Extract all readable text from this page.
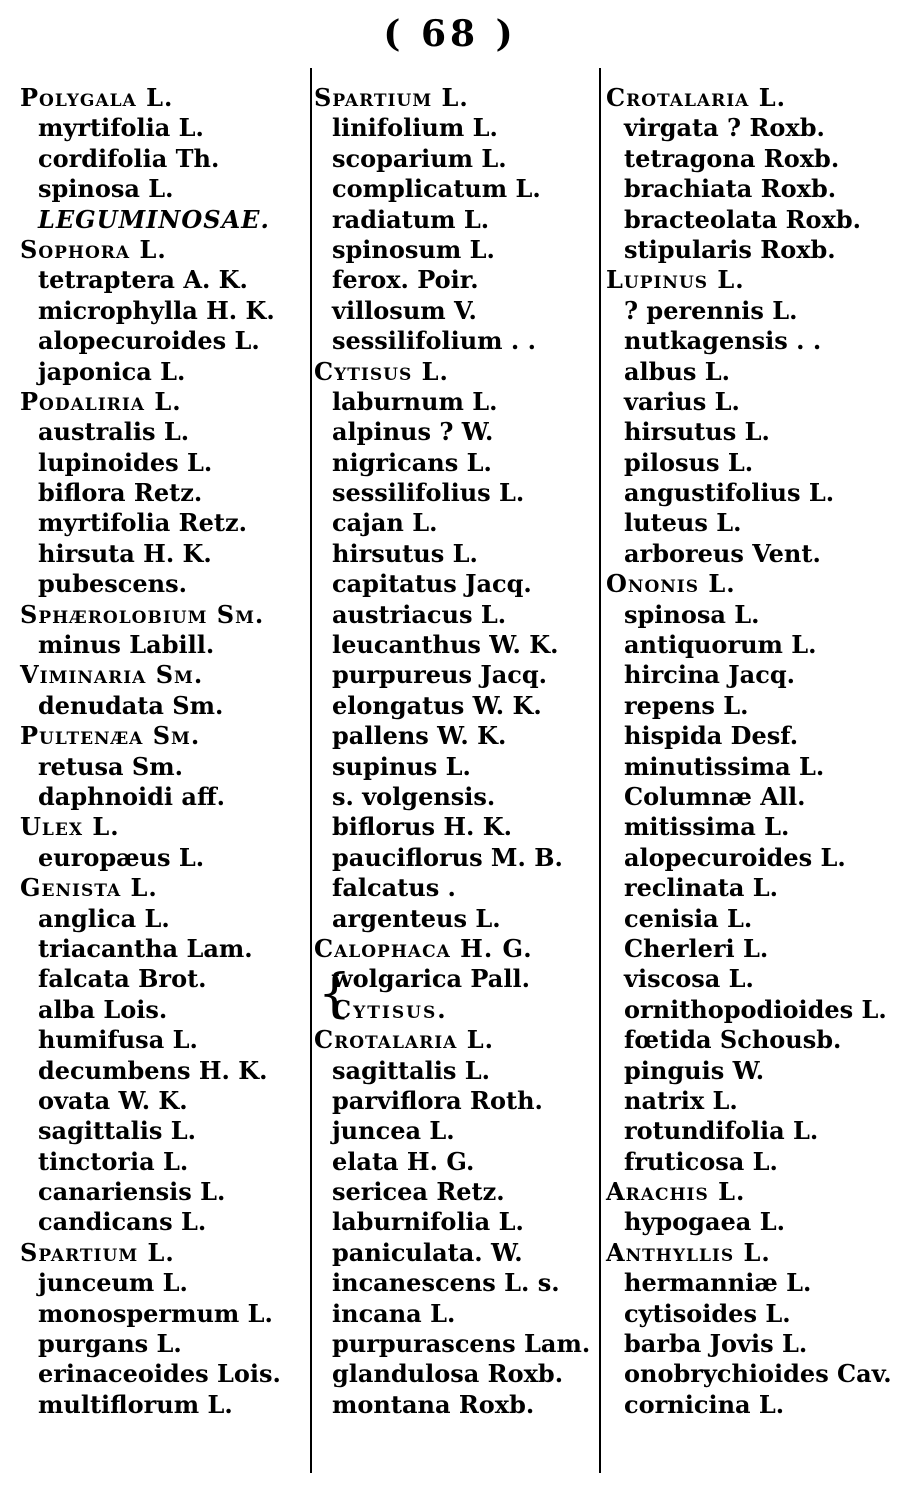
( 68 )
Polygala L.
myrtifolia L.
cordifolia Th.
spinosa L.
LEGUMINOSAE.
Sophora L.
tetraptera A. K.
microphylla H. K.
alopecuroides L.
japonica L.
Podaliria L.
australis L.
lupinoides L.
biflora Retz.
myrtifolia Retz.
hirsuta H. K.
pubescens.
Sphærolobium Sm.
minus Labill.
Viminaria Sm.
denudata Sm.
Pultenæa Sm.
retusa Sm.
daphnoidi aff.
Ulex L.
europæus L.
Genista L.
anglica L.
triacantha Lam.
falcata Brot.
alba Lois.
humifusa L.
decumbens H. K.
ovata W. K.
sagittalis L.
tinctoria L.
canariensis L.
candicans L.
Spartium L.
junceum L.
monospermum L.
purgans L.
erinaceoides Lois.
multiflorum L.
Spartium L.
linifolium L.
scoparium L.
complicatum L.
radiatum L.
spinosum L.
ferox. Poir.
villosum V.
sessilifolium . .
Cytisus L.
laburnum L.
alpinus ? W.
nigricans L.
sessilifolius L.
cajan L.
hirsutus L.
capitatus Jacq.
austriacus L.
leucanthus W. K.
purpureus Jacq.
elongatus W. K.
pallens W. K.
supinus L.
s. volgensis.
biflorus H. K.
pauciflorus M. B.
falcatus .
argenteus L.
Calophaca H. G.
{
wolgarica Pall.
Cytisus.
Crotalaria L.
sagittalis L.
parviflora Roth.
juncea L.
elata H. G.
sericea Retz.
laburnifolia L.
paniculata. W.
incanescens L. s.
incana L.
purpurascens Lam.
glandulosa Roxb.
montana Roxb.
Crotalaria L.
virgata ? Roxb.
tetragona Roxb.
brachiata Roxb.
bracteolata Roxb.
stipularis Roxb.
Lupinus L.
? perennis L.
nutkagensis . .
albus L.
varius L.
hirsutus L.
pilosus L.
angustifolius L.
luteus L.
arboreus Vent.
Ononis L.
spinosa L.
antiquorum L.
hircina Jacq.
repens L.
hispida Desf.
minutissima L.
Columnæ All.
mitissima L.
alopecuroides L.
reclinata L.
cenisia L.
Cherleri L.
viscosa L.
ornithopodioides L.
fœtida Schousb.
pinguis W.
natrix L.
rotundifolia L.
fruticosa L.
Arachis L.
hypogaea L.
Anthyllis L.
hermanniæ L.
cytisoides L.
barba Jovis L.
onobrychioides Cav.
cornicina L.
